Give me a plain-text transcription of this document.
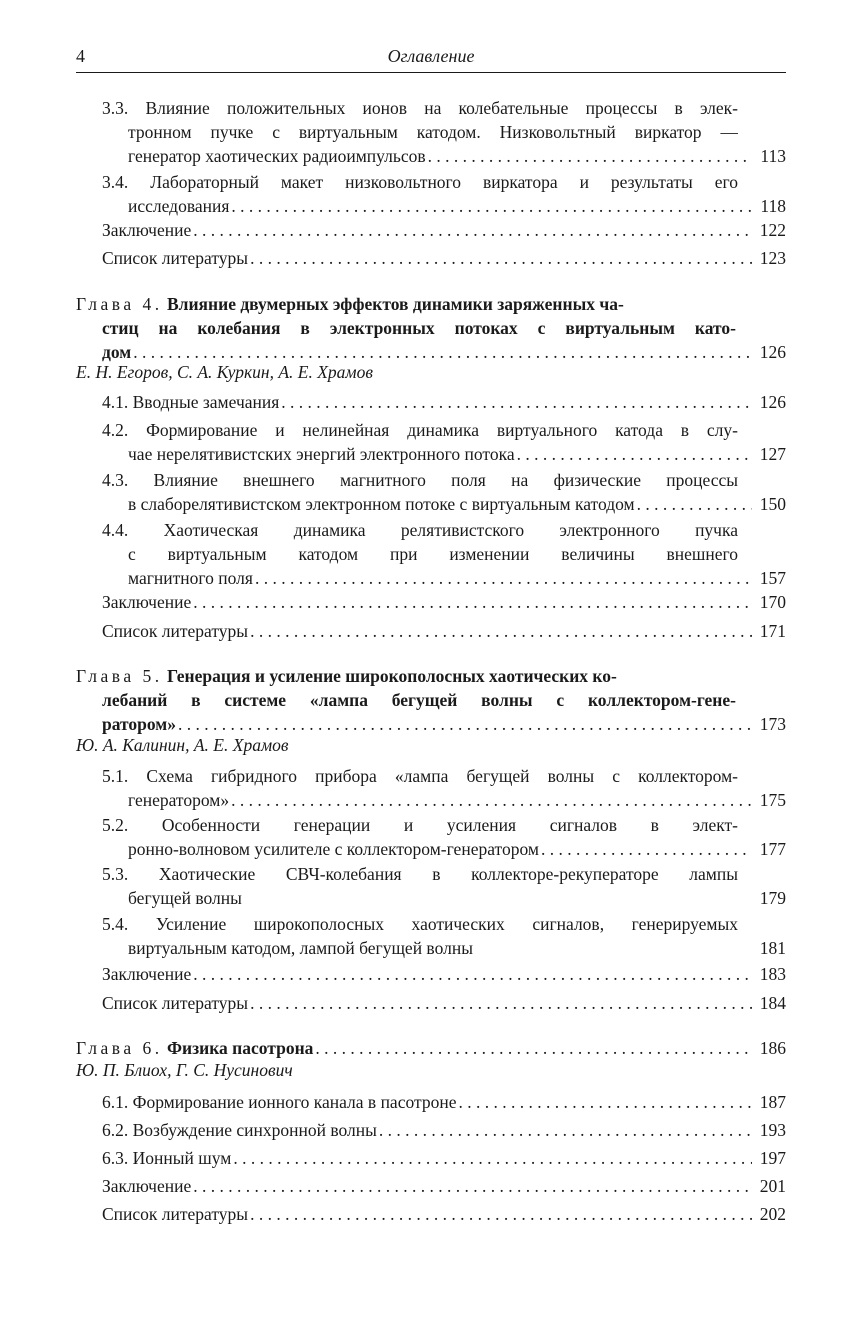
4	Оглавление
3.3. Влияние положительных ионов на колебательные процессы в элек-
тронном пучке с виртуальным катодом. Низковольтный виркатор —
генератор хаотических радиоимпульсов . . .	113
3.4. Лабораторный макет низковольтного виркатора и результаты его
исследования . . .	118
Заключение . . .	122
Список литературы . . .	123
Глава 4. Влияние двумерных эффектов динамики заряженных ча-
стиц на колебания в электронных потоках с виртуальным като-
дом . . .	126
Е. Н. Егоров, С. А. Куркин, А. Е. Храмов
4.1. Вводные замечания . . .	126
4.2. Формирование и нелинейная динамика виртуального катода в слу-
чае нерелятивистских энергий электронного потока . . .	127
4.3. Влияние внешнего магнитного поля на физические процессы
в слаборелятивистском электронном потоке с виртуальным катодом . . .	150
4.4. Хаотическая динамика релятивистского электронного пучка
с виртуальным катодом при изменении величины внешнего
магнитного поля . . .	157
Заключение . . .	170
Список литературы . . .	171
Глава 5. Генерация и усиление широкополосных хаотических ко-
лебаний в системе «лампа бегущей волны с коллектором-гене-
ратором» . . .	173
Ю. А. Калинин, А. Е. Храмов
5.1. Схема гибридного прибора «лампа бегущей волны с коллектором-
генератором» . . .	175
5.2. Особенности генерации и усиления сигналов в элект-
ронно-волновом усилителе с коллектором-генератором . . .	177
5.3. Хаотические СВЧ-колебания в коллекторе-рекуператоре лампы
бегущей волны	179
5.4. Усиление широкополосных хаотических сигналов, генерируемых
виртуальным катодом, лампой бегущей волны	181
Заключение . . .	183
Список литературы . . .	184
Глава 6. Физика пасотрона . . .	186
Ю. П. Блиох, Г. С. Нусинович
6.1. Формирование ионного канала в пасотроне . . .	187
6.2. Возбуждение синхронной волны . . .	193
6.3. Ионный шум . . .	197
Заключение . . .	201
Список литературы . . .	202
